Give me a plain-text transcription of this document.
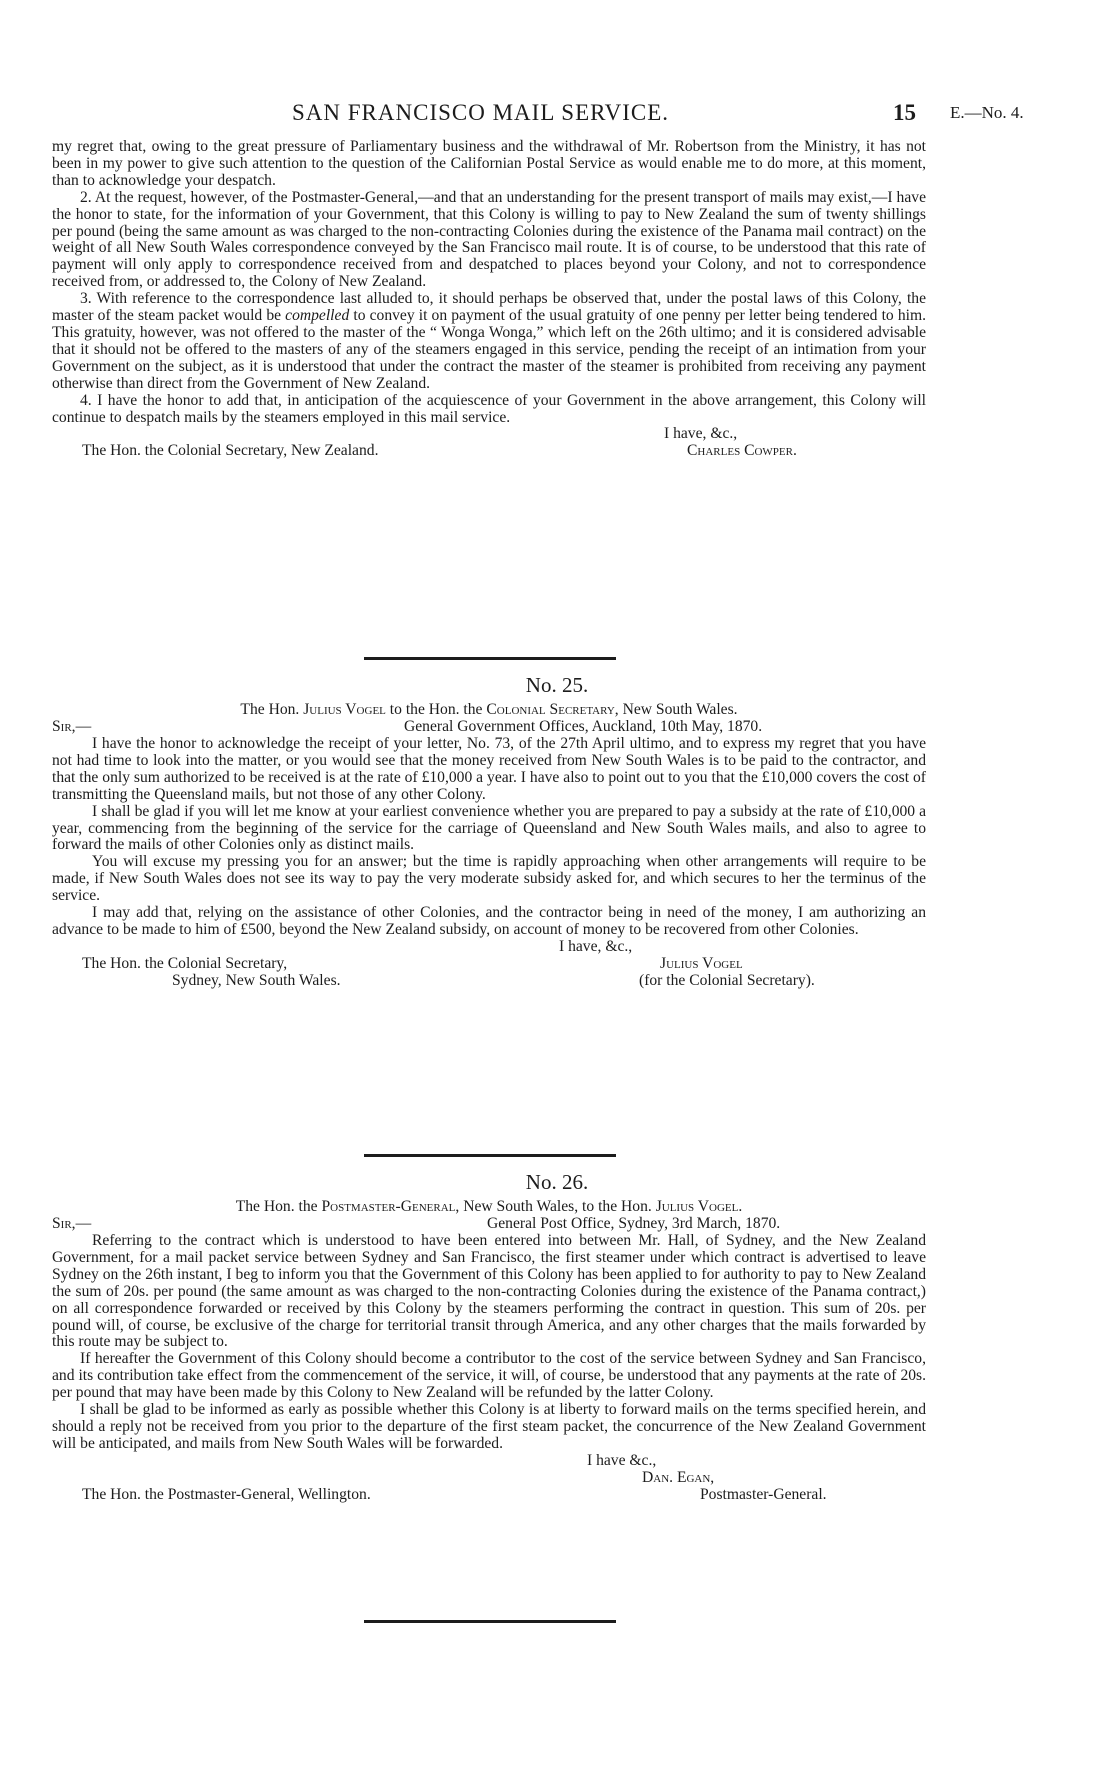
SAN FRANCISCO MAIL SERVICE.	15 E.—No. 4.

my regret that, owing to the great pressure of Parliamentary business and the withdrawal of Mr. Robertson from the Ministry, it has not been in my power to give such attention to the question of the Californian Postal Service as would enable me to do more, at this moment, than to acknowledge your despatch.

2. At the request, however, of the Postmaster-General,—and that an understanding for the present transport of mails may exist,—I have the honor to state, for the information of your Government, that this Colony is willing to pay to New Zealand the sum of twenty shillings per pound (being the same amount as was charged to the non-contracting Colonies during the existence of the Panama mail contract) on the weight of all New South Wales correspondence conveyed by the San Francisco mail route. It is of course, to be understood that this rate of payment will only apply to correspondence received from and despatched to places beyond your Colony, and not to correspondence received from, or addressed to, the Colony of New Zealand.

3. With reference to the correspondence last alluded to, it should perhaps be observed that, under the postal laws of this Colony, the master of the steam packet would be compelled to convey it on payment of the usual gratuity of one penny per letter being tendered to him. This gratuity, however, was not offered to the master of the “ Wonga Wonga,” which left on the 26th ultimo; and it is considered advisable that it should not be offered to the masters of any of the steamers engaged in this service, pending the receipt of an intimation from your Government on the subject, as it is understood that under the contract the master of the steamer is prohibited from receiving any payment otherwise than direct from the Government of New Zealand.

4. I have the honor to add that, in anticipation of the acquiescence of your Government in the above arrangement, this Colony will continue to despatch mails by the steamers employed in this mail service.

I have, &c.,
The Hon. the Colonial Secretary, New Zealand.	Charles Cowper.
No. 25.
The Hon. Julius Vogel to the Hon. the Colonial Secretary, New South Wales.
Sir,—	General Government Offices, Auckland, 10th May, 1870.

I have the honor to acknowledge the receipt of your letter, No. 73, of the 27th April ultimo, and to express my regret that you have not had time to look into the matter, or you would see that the money received from New South Wales is to be paid to the contractor, and that the only sum authorized to be received is at the rate of £10,000 a year. I have also to point out to you that the £10,000 covers the cost of transmitting the Queensland mails, but not those of any other Colony.

I shall be glad if you will let me know at your earliest convenience whether you are prepared to pay a subsidy at the rate of £10,000 a year, commencing from the beginning of the service for the carriage of Queensland and New South Wales mails, and also to agree to forward the mails of other Colonies only as distinct mails.

You will excuse my pressing you for an answer; but the time is rapidly approaching when other arrangements will require to be made, if New South Wales does not see its way to pay the very moderate subsidy asked for, and which secures to her the terminus of the service.

I may add that, relying on the assistance of other Colonies, and the contractor being in need of the money, I am authorizing an advance to be made to him of £500, beyond the New Zealand subsidy, on account of money to be recovered from other Colonies.

I have, &c.,
The Hon. the Colonial Secretary,	Julius Vogel
Sydney, New South Wales.	(for the Colonial Secretary).
No. 26.
The Hon. the Postmaster-General, New South Wales, to the Hon. Julius Vogel.
Sir,—	General Post Office, Sydney, 3rd March, 1870.

Referring to the contract which is understood to have been entered into between Mr. Hall, of Sydney, and the New Zealand Government, for a mail packet service between Sydney and San Francisco, the first steamer under which contract is advertised to leave Sydney on the 26th instant, I beg to inform you that the Government of this Colony has been applied to for authority to pay to New Zealand the sum of 20s. per pound (the same amount as was charged to the non-contracting Colonies during the existence of the Panama contract,) on all correspondence forwarded or received by this Colony by the steamers performing the contract in question. This sum of 20s. per pound will, of course, be exclusive of the charge for territorial transit through America, and any other charges that the mails forwarded by this route may be subject to.

If hereafter the Government of this Colony should become a contributor to the cost of the service between Sydney and San Francisco, and its contribution take effect from the commencement of the service, it will, of course, be understood that any payments at the rate of 20s. per pound that may have been made by this Colony to New Zealand will be refunded by the latter Colony.

I shall be glad to be informed as early as possible whether this Colony is at liberty to forward mails on the terms specified herein, and should a reply not be received from you prior to the departure of the first steam packet, the concurrence of the New Zealand Government will be anticipated, and mails from New South Wales will be forwarded.

I have &c.,
Dan. Egan,
The Hon. the Postmaster-General, Wellington.	Postmaster-General.
